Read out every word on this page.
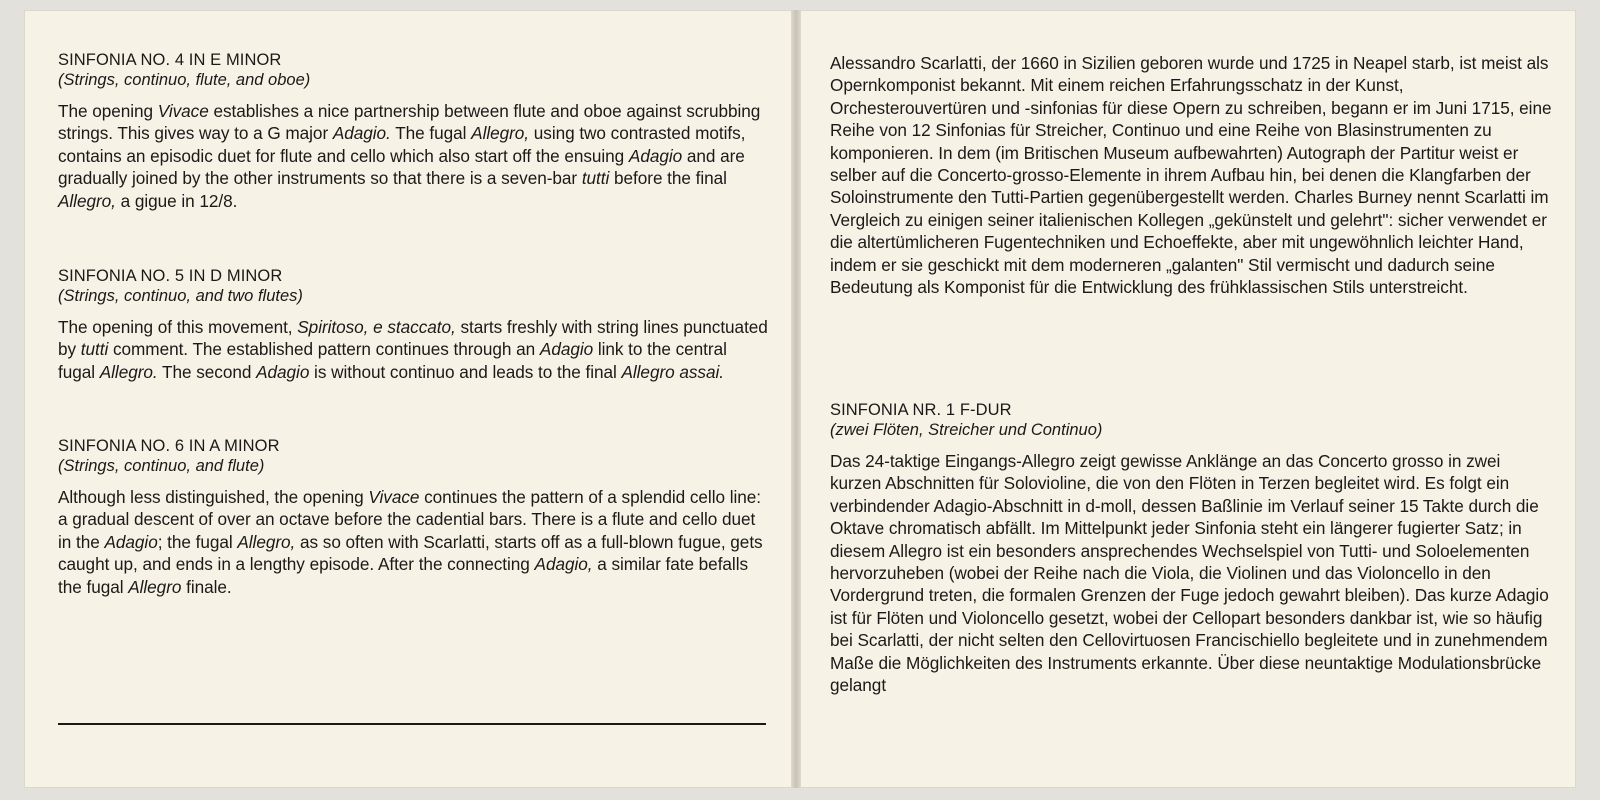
SINFONIA NO. 4 IN E MINOR
(Strings, continuo, flute, and oboe)

The opening Vivace establishes a nice partnership between flute and oboe against scrubbing strings. This gives way to a G major Adagio. The fugal Allegro, using two contrasted motifs, contains an episodic duet for flute and cello which also start off the ensuing Adagio and are gradually joined by the other instruments so that there is a seven-bar tutti before the final Allegro, a gigue in 12/8.

SINFONIA NO. 5 IN D MINOR
(Strings, continuo, and two flutes)

The opening of this movement, Spiritoso, e staccato, starts freshly with string lines punctuated by tutti comment. The established pattern continues through an Adagio link to the central fugal Allegro. The second Adagio is without continuo and leads to the final Allegro assai.

SINFONIA NO. 6 IN A MINOR
(Strings, continuo, and flute)

Although less distinguished, the opening Vivace continues the pattern of a splendid cello line: a gradual descent of over an octave before the cadential bars. There is a flute and cello duet in the Adagio; the fugal Allegro, as so often with Scarlatti, starts off as a full-blown fugue, gets caught up, and ends in a lengthy episode. After the connecting Adagio, a similar fate befalls the fugal Allegro finale.

Alessandro Scarlatti, der 1660 in Sizilien geboren wurde und 1725 in Neapel starb, ist meist als Opernkomponist bekannt. Mit einem reichen Erfahrungsschatz in der Kunst, Orchesterouvertüren und -sinfonias für diese Opern zu schreiben, begann er im Juni 1715, eine Reihe von 12 Sinfonias für Streicher, Continuo und eine Reihe von Blasinstrumenten zu komponieren. In dem (im Britischen Museum aufbewahrten) Autograph der Partitur weist er selber auf die Concerto-grosso-Elemente in ihrem Aufbau hin, bei denen die Klangfarben der Soloinstrumente den Tutti-Partien gegenübergestellt werden. Charles Burney nennt Scarlatti im Vergleich zu einigen seiner italienischen Kollegen „gekünstelt und gelehrt": sicher verwendet er die altertümlicheren Fugentechniken und Echoeffekte, aber mit ungewöhnlich leichter Hand, indem er sie geschickt mit dem moderneren „galanten" Stil vermischt und dadurch seine Bedeutung als Komponist für die Entwicklung des frühklassischen Stils unterstreicht.

SINFONIA NR. 1 F-DUR
(zwei Flöten, Streicher und Continuo)

Das 24-taktige Eingangs-Allegro zeigt gewisse Anklänge an das Concerto grosso in zwei kurzen Abschnitten für Solovioline, die von den Flöten in Terzen begleitet wird. Es folgt ein verbindender Adagio-Abschnitt in d-moll, dessen Baßlinie im Verlauf seiner 15 Takte durch die Oktave chromatisch abfällt. Im Mittelpunkt jeder Sinfonia steht ein längerer fugierter Satz; in diesem Allegro ist ein besonders ansprechendes Wechselspiel von Tutti- und Soloelementen hervorzuheben (wobei der Reihe nach die Viola, die Violinen und das Violoncello in den Vordergrund treten, die formalen Grenzen der Fuge jedoch gewahrt bleiben). Das kurze Adagio ist für Flöten und Violoncello gesetzt, wobei der Cellopart besonders dankbar ist, wie so häufig bei Scarlatti, der nicht selten den Cellovirtuosen Francischiello begleitete und in zunehmendem Maße die Möglichkeiten des Instruments erkannte. Über diese neuntaktige Modulationsbrücke gelangt
